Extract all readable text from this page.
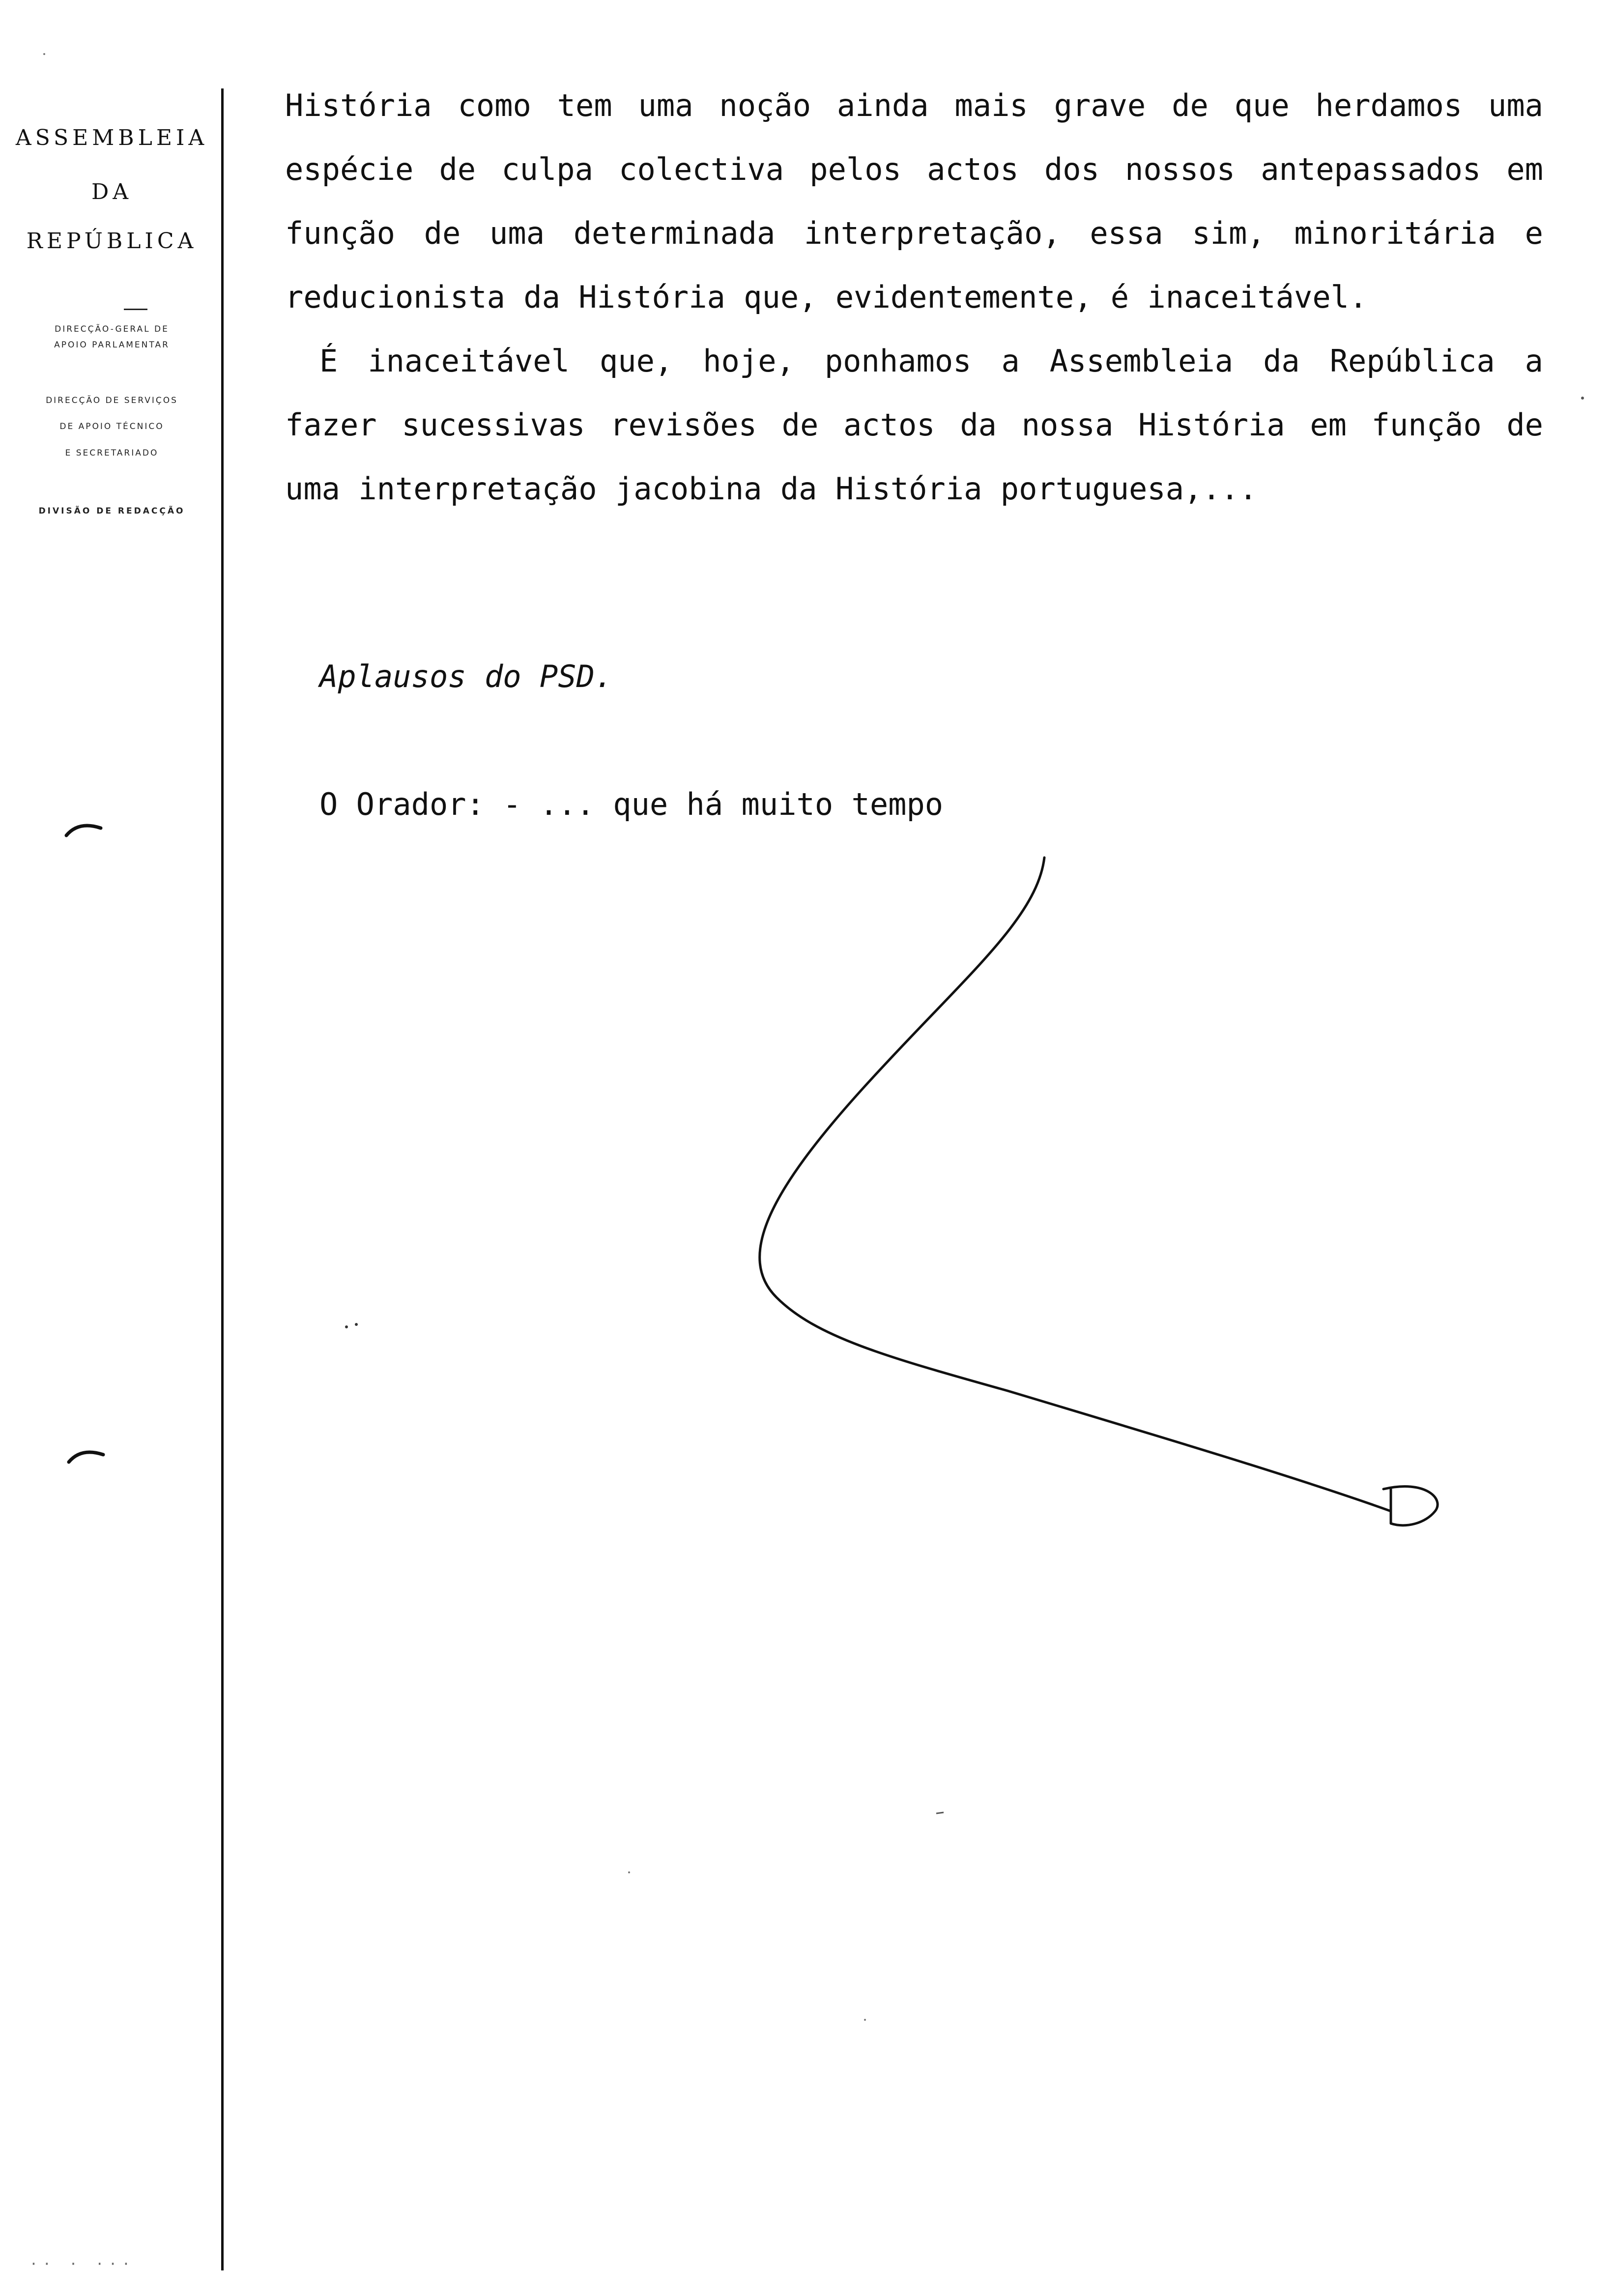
ASSEMBLEIA
DA
REPÚBLICA
DIRECÇÃO-GERAL DE
APOIO PARLAMENTAR
DIRECÇÃO DE SERVIÇOS
DE APOIO TÉCNICO
E SECRETARIADO
DIVISÃO DE REDACÇÃO
·· · ···

História como tem uma noção ainda mais grave de que herdamos uma espécie de culpa colectiva pelos actos dos nossos antepassados em função de uma determinada interpretação, essa sim, minoritária e reducionista da História que, evidentemente, é inaceitável.

É inaceitável que, hoje, ponhamos a Assembleia da República a fazer sucessivas revisões de actos da nossa História em função de uma interpretação jacobina da História portuguesa,...

Aplausos do PSD.
O Orador: - ... que há muito tempo
